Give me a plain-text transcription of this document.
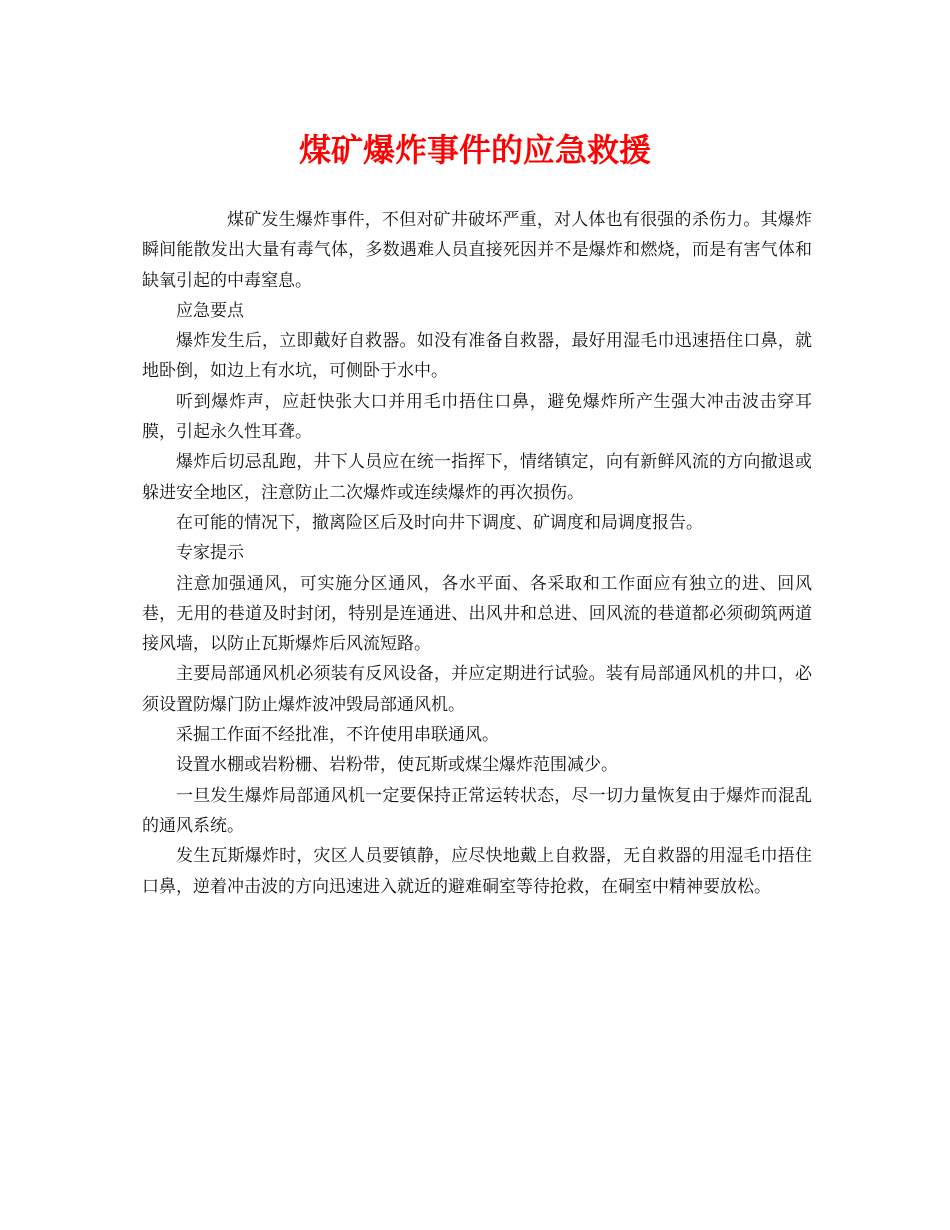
煤矿爆炸事件的应急救援

煤矿发生爆炸事件，不但对矿井破坏严重，对人体也有很强的杀伤力。其爆炸瞬间能散发出大量有毒气体，多数遇难人员直接死因并不是爆炸和燃烧，而是有害气体和缺氧引起的中毒窒息。

应急要点

爆炸发生后，立即戴好自救器。如没有准备自救器，最好用湿毛巾迅速捂住口鼻，就地卧倒，如边上有水坑，可侧卧于水中。

听到爆炸声，应赶快张大口并用毛巾捂住口鼻，避免爆炸所产生强大冲击波击穿耳膜，引起永久性耳聋。

爆炸后切忌乱跑，井下人员应在统一指挥下，情绪镇定，向有新鲜风流的方向撤退或躲进安全地区，注意防止二次爆炸或连续爆炸的再次损伤。

在可能的情况下，撤离险区后及时向井下调度、矿调度和局调度报告。

专家提示

注意加强通风，可实施分区通风，各水平面、各采取和工作面应有独立的进、回风巷，无用的巷道及时封闭，特别是连通进、出风井和总进、回风流的巷道都必须砌筑两道接风墙，以防止瓦斯爆炸后风流短路。

主要局部通风机必须装有反风设备，并应定期进行试验。装有局部通风机的井口，必须设置防爆门防止爆炸波冲毁局部通风机。

采掘工作面不经批准，不许使用串联通风。

设置水棚或岩粉栅、岩粉带，使瓦斯或煤尘爆炸范围减少。

一旦发生爆炸局部通风机一定要保持正常运转状态，尽一切力量恢复由于爆炸而混乱的通风系统。

发生瓦斯爆炸时，灾区人员要镇静，应尽快地戴上自救器，无自救器的用湿毛巾捂住口鼻，逆着冲击波的方向迅速进入就近的避难硐室等待抢救，在硐室中精神要放松。
